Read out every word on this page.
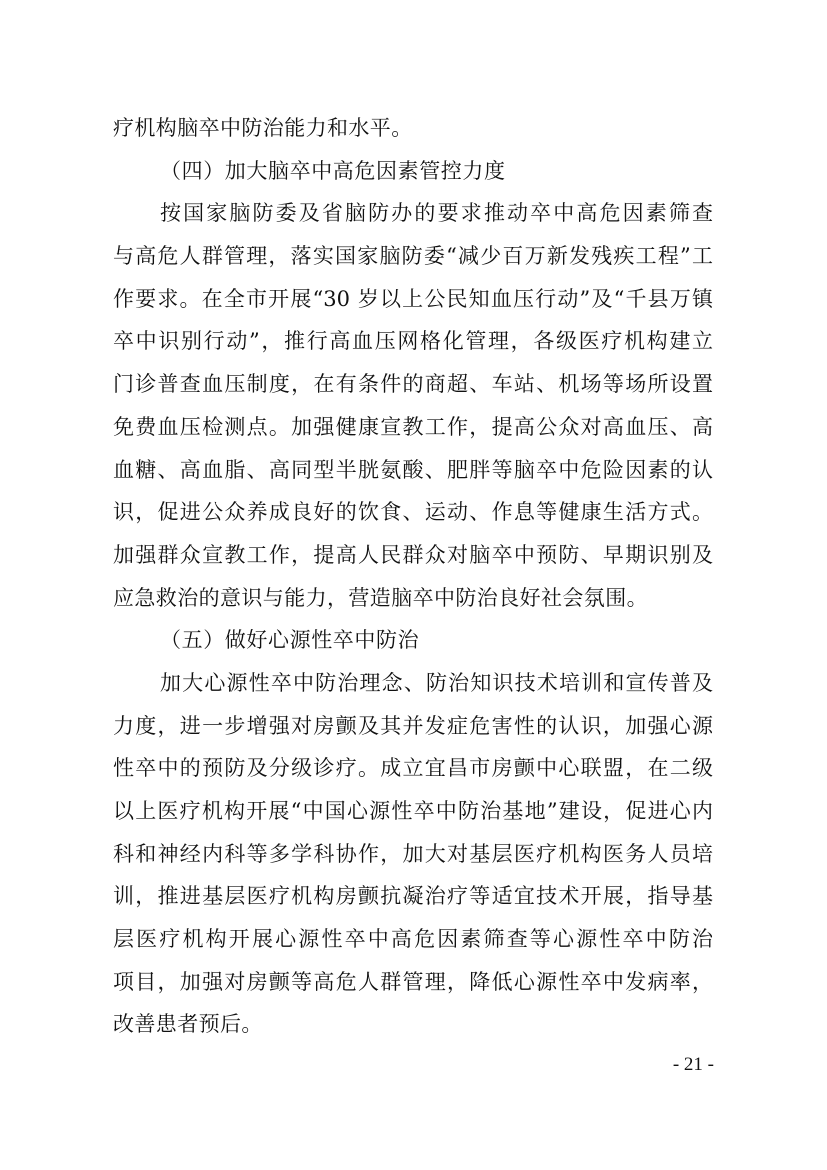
疗机构脑卒中防治能力和水平。
（四）加大脑卒中高危因素管控力度
按国家脑防委及省脑防办的要求推动卒中高危因素筛查
与高危人群管理，落实国家脑防委“减少百万新发残疾工程”工
作要求。在全市开展“30 岁以上公民知血压行动”及“千县万镇
卒中识别行动”，推行高血压网格化管理，各级医疗机构建立
门诊普查血压制度，在有条件的商超、车站、机场等场所设置
免费血压检测点。加强健康宣教工作，提高公众对高血压、高
血糖、高血脂、高同型半胱氨酸、肥胖等脑卒中危险因素的认
识，促进公众养成良好的饮食、运动、作息等健康生活方式。
加强群众宣教工作，提高人民群众对脑卒中预防、早期识别及
应急救治的意识与能力，营造脑卒中防治良好社会氛围。
（五）做好心源性卒中防治
加大心源性卒中防治理念、防治知识技术培训和宣传普及
力度，进一步增强对房颤及其并发症危害性的认识，加强心源
性卒中的预防及分级诊疗。成立宜昌市房颤中心联盟，在二级
以上医疗机构开展“中国心源性卒中防治基地”建设，促进心内
科和神经内科等多学科协作，加大对基层医疗机构医务人员培
训，推进基层医疗机构房颤抗凝治疗等适宜技术开展，指导基
层医疗机构开展心源性卒中高危因素筛查等心源性卒中防治
项目，加强对房颤等高危人群管理，降低心源性卒中发病率，
改善患者预后。
- 21 -
